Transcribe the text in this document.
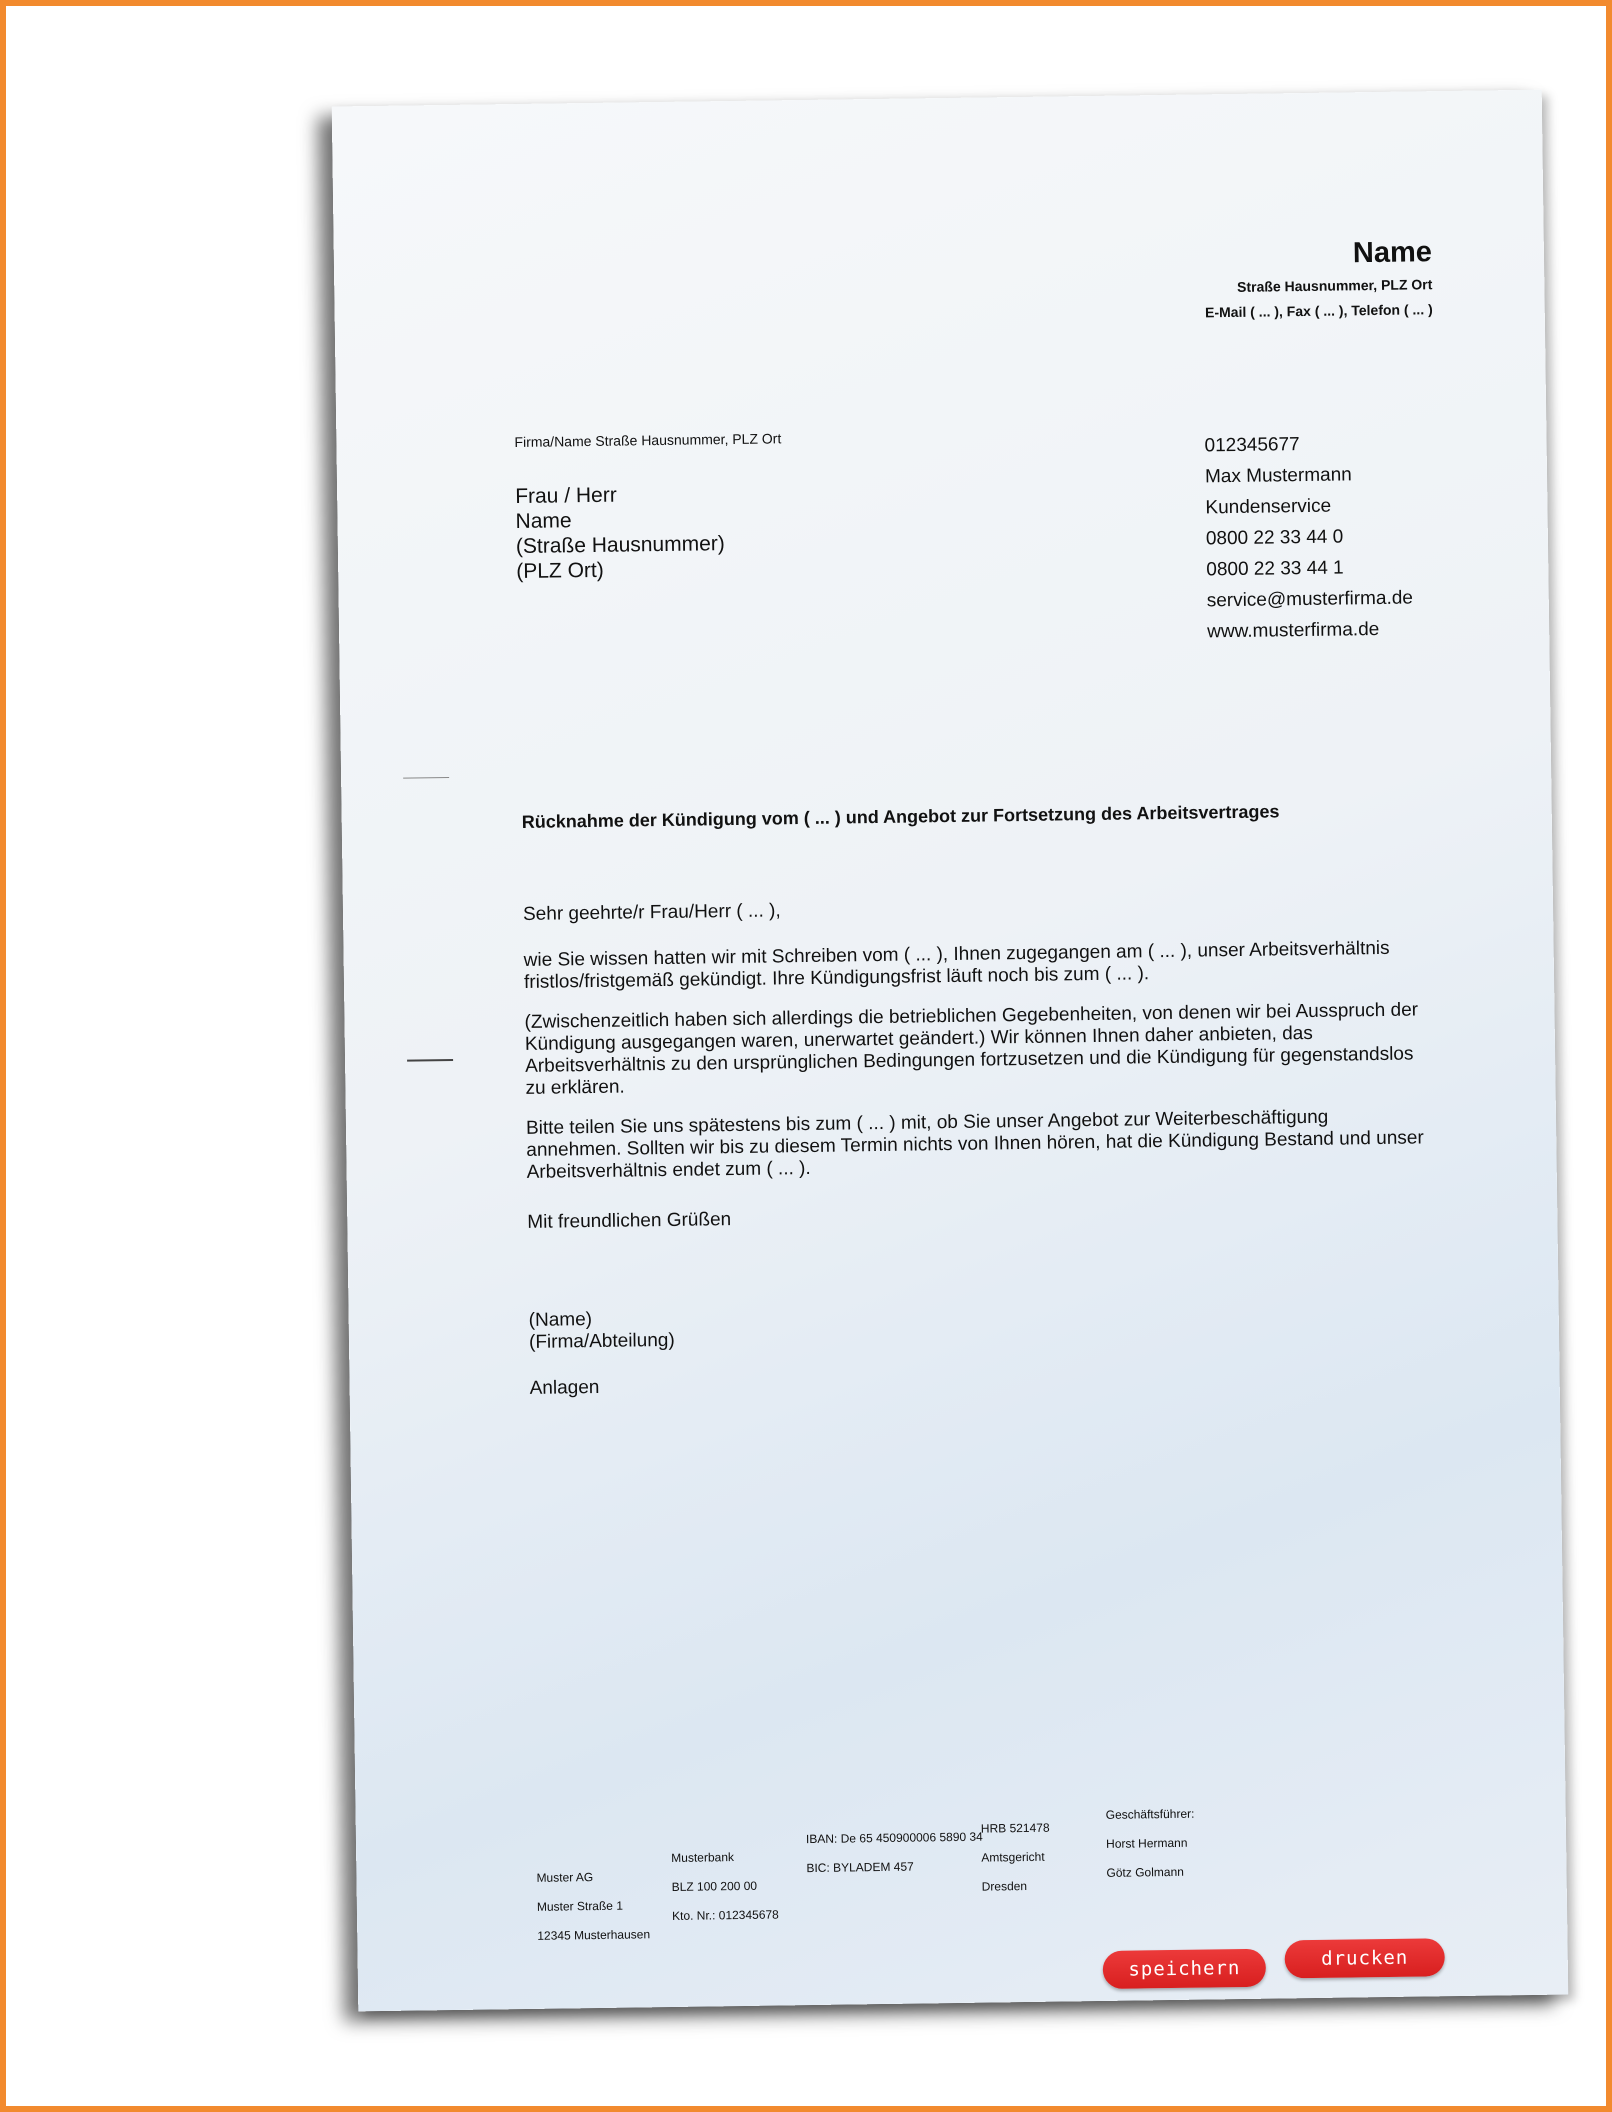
Name
Straße Hausnummer, PLZ Ort
E-Mail ( ... ), Fax ( ... ), Telefon ( ... )
Firma/Name Straße Hausnummer, PLZ Ort
Frau / Herr
Name
(Straße Hausnummer)
(PLZ Ort)
012345677
Max Mustermann
Kundenservice
0800 22 33 44 0
0800 22 33 44 1
service@musterfirma.de
www.musterfirma.de
Rücknahme der Kündigung vom ( ... ) und Angebot zur Fortsetzung des Arbeitsvertrages

Sehr geehrte/r Frau/Herr ( ... ),

wie Sie wissen hatten wir mit Schreiben vom ( ... ), Ihnen zugegangen am ( ... ), unser Arbeitsverhältnis fristlos/fristgemäß gekündigt. Ihre Kündigungsfrist läuft noch bis zum ( ... ).

(Zwischenzeitlich haben sich allerdings die betrieblichen Gegebenheiten, von denen wir bei Ausspruch der Kündigung ausgegangen waren, unerwartet geändert.) Wir können Ihnen daher anbieten, das Arbeitsverhältnis zu den ursprünglichen Bedingungen fortzusetzen und die Kündigung für gegenstandslos zu erklären.

Bitte teilen Sie uns spätestens bis zum ( ... ) mit, ob Sie unser Angebot zur Weiterbeschäftigung annehmen. Sollten wir bis zu diesem Termin nichts von Ihnen hören, hat die Kündigung Bestand und unser Arbeitsverhältnis endet zum ( ... ).

Mit freundlichen Grüßen

(Name)

(Firma/Abteilung)

Anlagen

Muster AG
Muster Straße 1
12345 Musterhausen
Musterbank
BLZ 100 200 00
Kto. Nr.: 012345678
IBAN: De 65 450900006 5890 34
BIC: BYLADEM 457
HRB 521478
Amtsgericht
Dresden
Geschäftsführer:
Horst Hermann
Götz Golmann
speichern	drucken
